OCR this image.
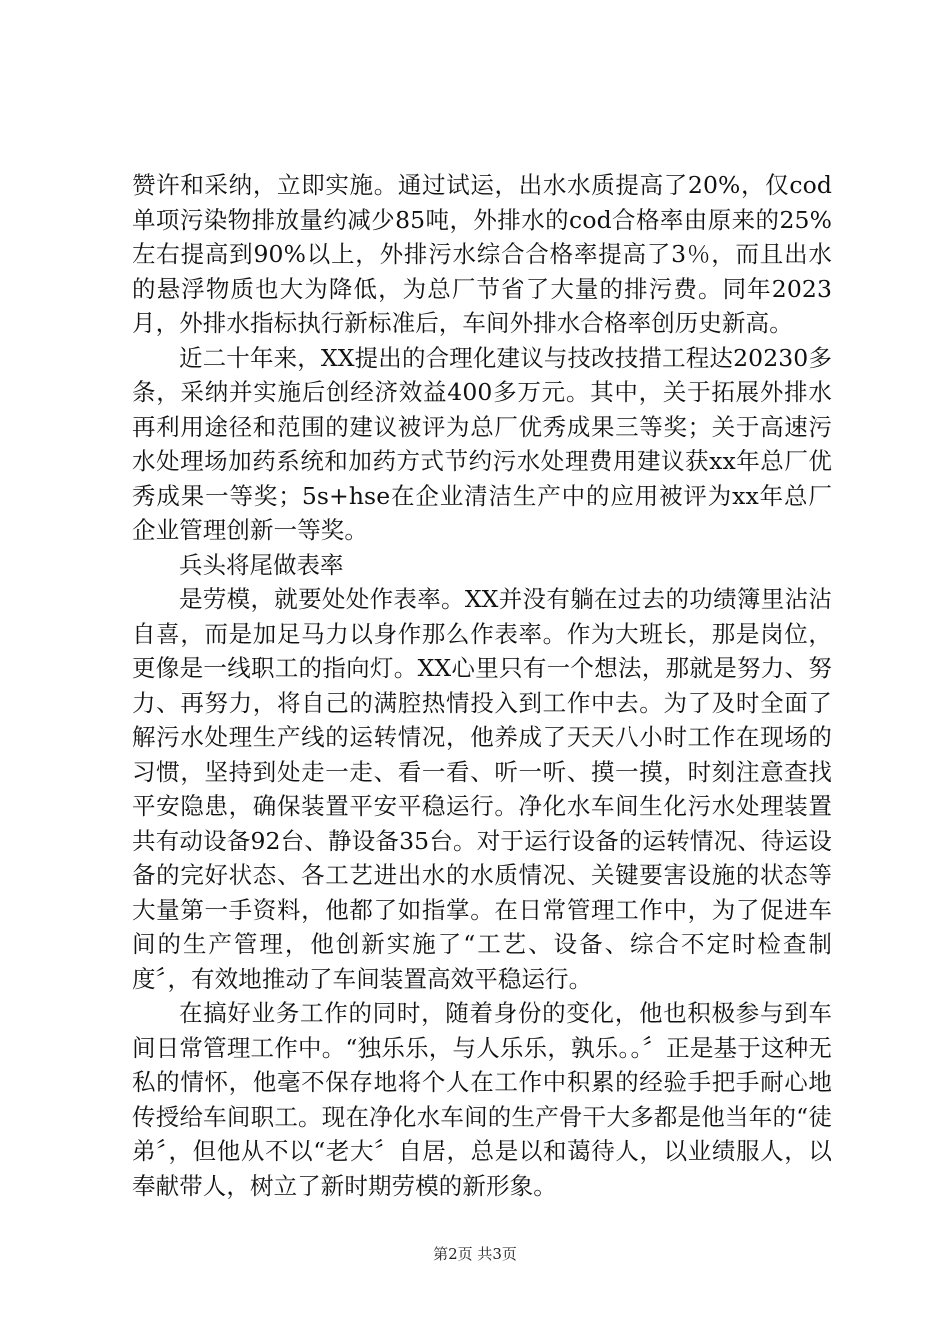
赞许和采纳，立即实施。通过试运，出水水质提高了20%，仅cod单项污染物排放量约减少85吨，外排水的cod合格率由原来的25%左右提高到90%以上，外排污水综合合格率提高了3％，而且出水的悬浮物质也大为降低，为总厂节省了大量的排污费。同年2023月，外排水指标执行新标准后，车间外排水合格率创历史新高。

近二十年来，XX提出的合理化建议与技改技措工程达20230多条，采纳并实施后创经济效益400多万元。其中，关于拓展外排水再利用途径和范围的建议被评为总厂优秀成果三等奖；关于高速污水处理场加药系统和加药方式节约污水处理费用建议获xx年总厂优秀成果一等奖；5s+hse在企业清洁生产中的应用被评为xx年总厂企业管理创新一等奖。

兵头将尾做表率

是劳模，就要处处作表率。XX并没有躺在过去的功绩簿里沾沾自喜，而是加足马力以身作那么作表率。作为大班长，那是岗位，更像是一线职工的指向灯。XX心里只有一个想法，那就是努力、努力、再努力，将自己的满腔热情投入到工作中去。为了及时全面了解污水处理生产线的运转情况，他养成了天天八小时工作在现场的习惯，坚持到处走一走、看一看、听一听、摸一摸，时刻注意查找平安隐患，确保装置平安平稳运行。净化水车间生化污水处理装置共有动设备92台、静设备35台。对于运行设备的运转情况、待运设备的完好状态、各工艺进出水的水质情况、关键要害设施的状态等大量第一手资料，他都了如指掌。在日常管理工作中，为了促进车间的生产管理，他创新实施了“工艺、设备、综合不定时检查制度〞，有效地推动了车间装置高效平稳运行。

在搞好业务工作的同时，随着身份的变化，他也积极参与到车间日常管理工作中。“独乐乐，与人乐乐，孰乐。。〞正是基于这种无私的情怀，他毫不保存地将个人在工作中积累的经验手把手耐心地传授给车间职工。现在净化水车间的生产骨干大多都是他当年的“徒弟〞，但他从不以“老大〞自居，总是以和蔼待人，以业绩服人，以奉献带人，树立了新时期劳模的新形象。

第2页 共3页
